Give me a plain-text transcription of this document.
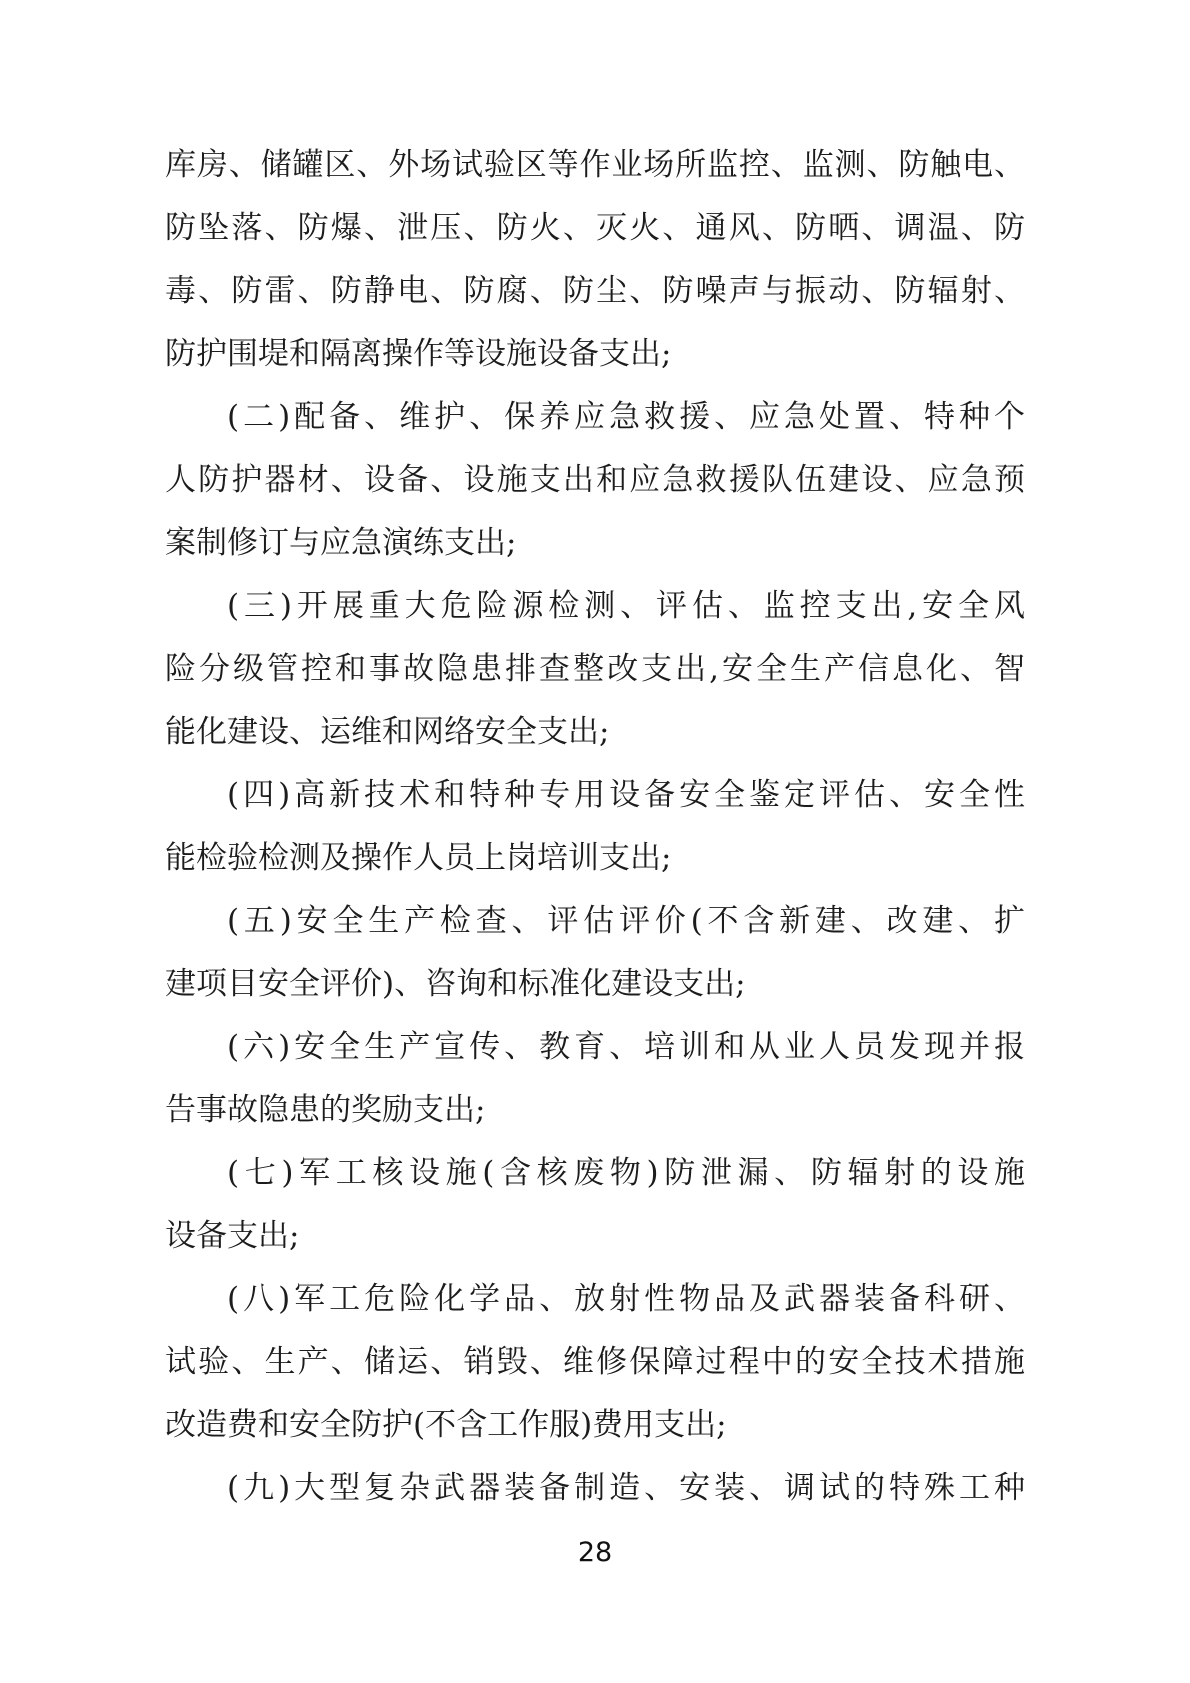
库房、储罐区、外场试验区等作业场所监控、监测、防触电、
防坠落、防爆、泄压、防火、灭火、通风、防晒、调温、防
毒、防雷、防静电、防腐、防尘、防噪声与振动、防辐射、
防护围堤和隔离操作等设施设备支出;
(二)配备、维护、保养应急救援、应急处置、特种个
人防护器材、设备、设施支出和应急救援队伍建设、应急预
案制修订与应急演练支出;
(三)开展重大危险源检测、评估、监控支出,安全风
险分级管控和事故隐患排查整改支出,安全生产信息化、智
能化建设、运维和网络安全支出;
(四)高新技术和特种专用设备安全鉴定评估、安全性
能检验检测及操作人员上岗培训支出;
(五)安全生产检查、评估评价(不含新建、改建、扩
建项目安全评价)、咨询和标准化建设支出;
(六)安全生产宣传、教育、培训和从业人员发现并报
告事故隐患的奖励支出;
(七)军工核设施(含核废物)防泄漏、防辐射的设施
设备支出;
(八)军工危险化学品、放射性物品及武器装备科研、
试验、生产、储运、销毁、维修保障过程中的安全技术措施
改造费和安全防护(不含工作服)费用支出;
(九)大型复杂武器装备制造、安装、调试的特殊工种
28
